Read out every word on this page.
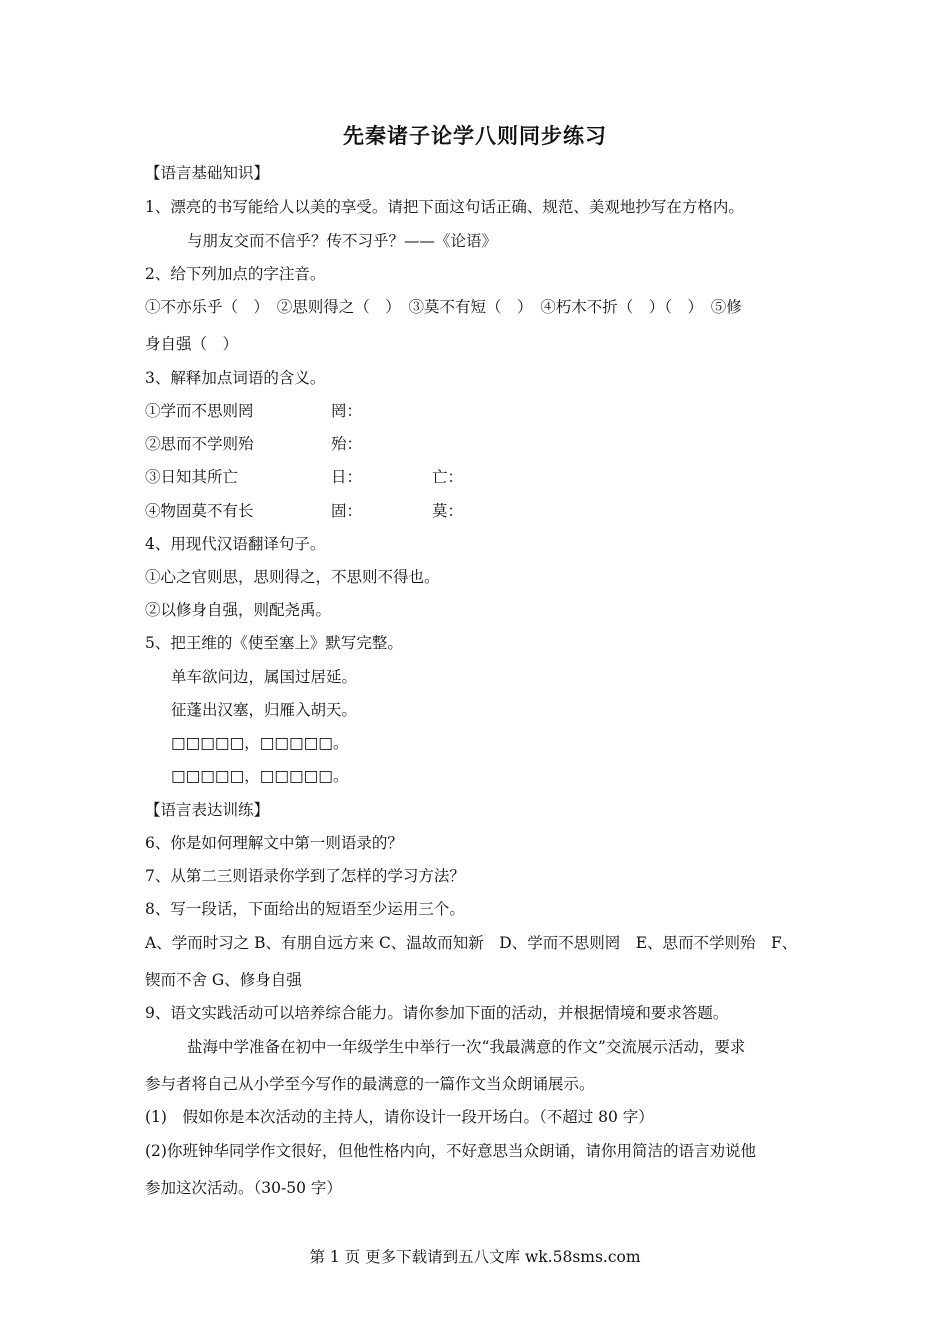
先秦诸子论学八则同步练习
【语言基础知识】
1、漂亮的书写能给人以美的享受。请把下面这句话正确、规范、美观地抄写在方格内。
与朋友交而不信乎？传不习乎？——《论语》
2、给下列加点的字注音。
①不亦乐乎（　）　②思则得之（　）　③莫不有短（　）　④朽木不折（　）（　）　⑤修
身自强（　）
3、解释加点词语的含义。
①学而不思则罔	罔：
②思而不学则殆	殆：
③日知其所亡	日：	亡：
④物固莫不有长	固：	莫：
4、用现代汉语翻译句子。
①心之官则思，思则得之，不思则不得也。
②以修身自强，则配尧禹。
5、把王维的《使至塞上》默写完整。
单车欲问边，属国过居延。
征蓬出汉塞，归雁入胡天。
□□□□□，□□□□□。
□□□□□，□□□□□。
【语言表达训练】
6、你是如何理解文中第一则语录的？
7、从第二三则语录你学到了怎样的学习方法？
8、写一段话，下面给出的短语至少运用三个。
A、学而时习之 B、有朋自远方来 C、温故而知新　D、学而不思则罔　E、思而不学则殆　F、
锲而不舍 G、修身自强
9、语文实践活动可以培养综合能力。请你参加下面的活动，并根据情境和要求答题。
盐海中学准备在初中一年级学生中举行一次“我最满意的作文”交流展示活动，要求
参与者将自己从小学至今写作的最满意的一篇作文当众朗诵展示。
(1)　假如你是本次活动的主持人，请你设计一段开场白。（不超过 80 字）
(2)你班钟华同学作文很好，但他性格内向，不好意思当众朗诵，请你用简洁的语言劝说他
参加这次活动。（30-50 字）
第 1 页 更多下载请到五八文库 wk.58sms.com
